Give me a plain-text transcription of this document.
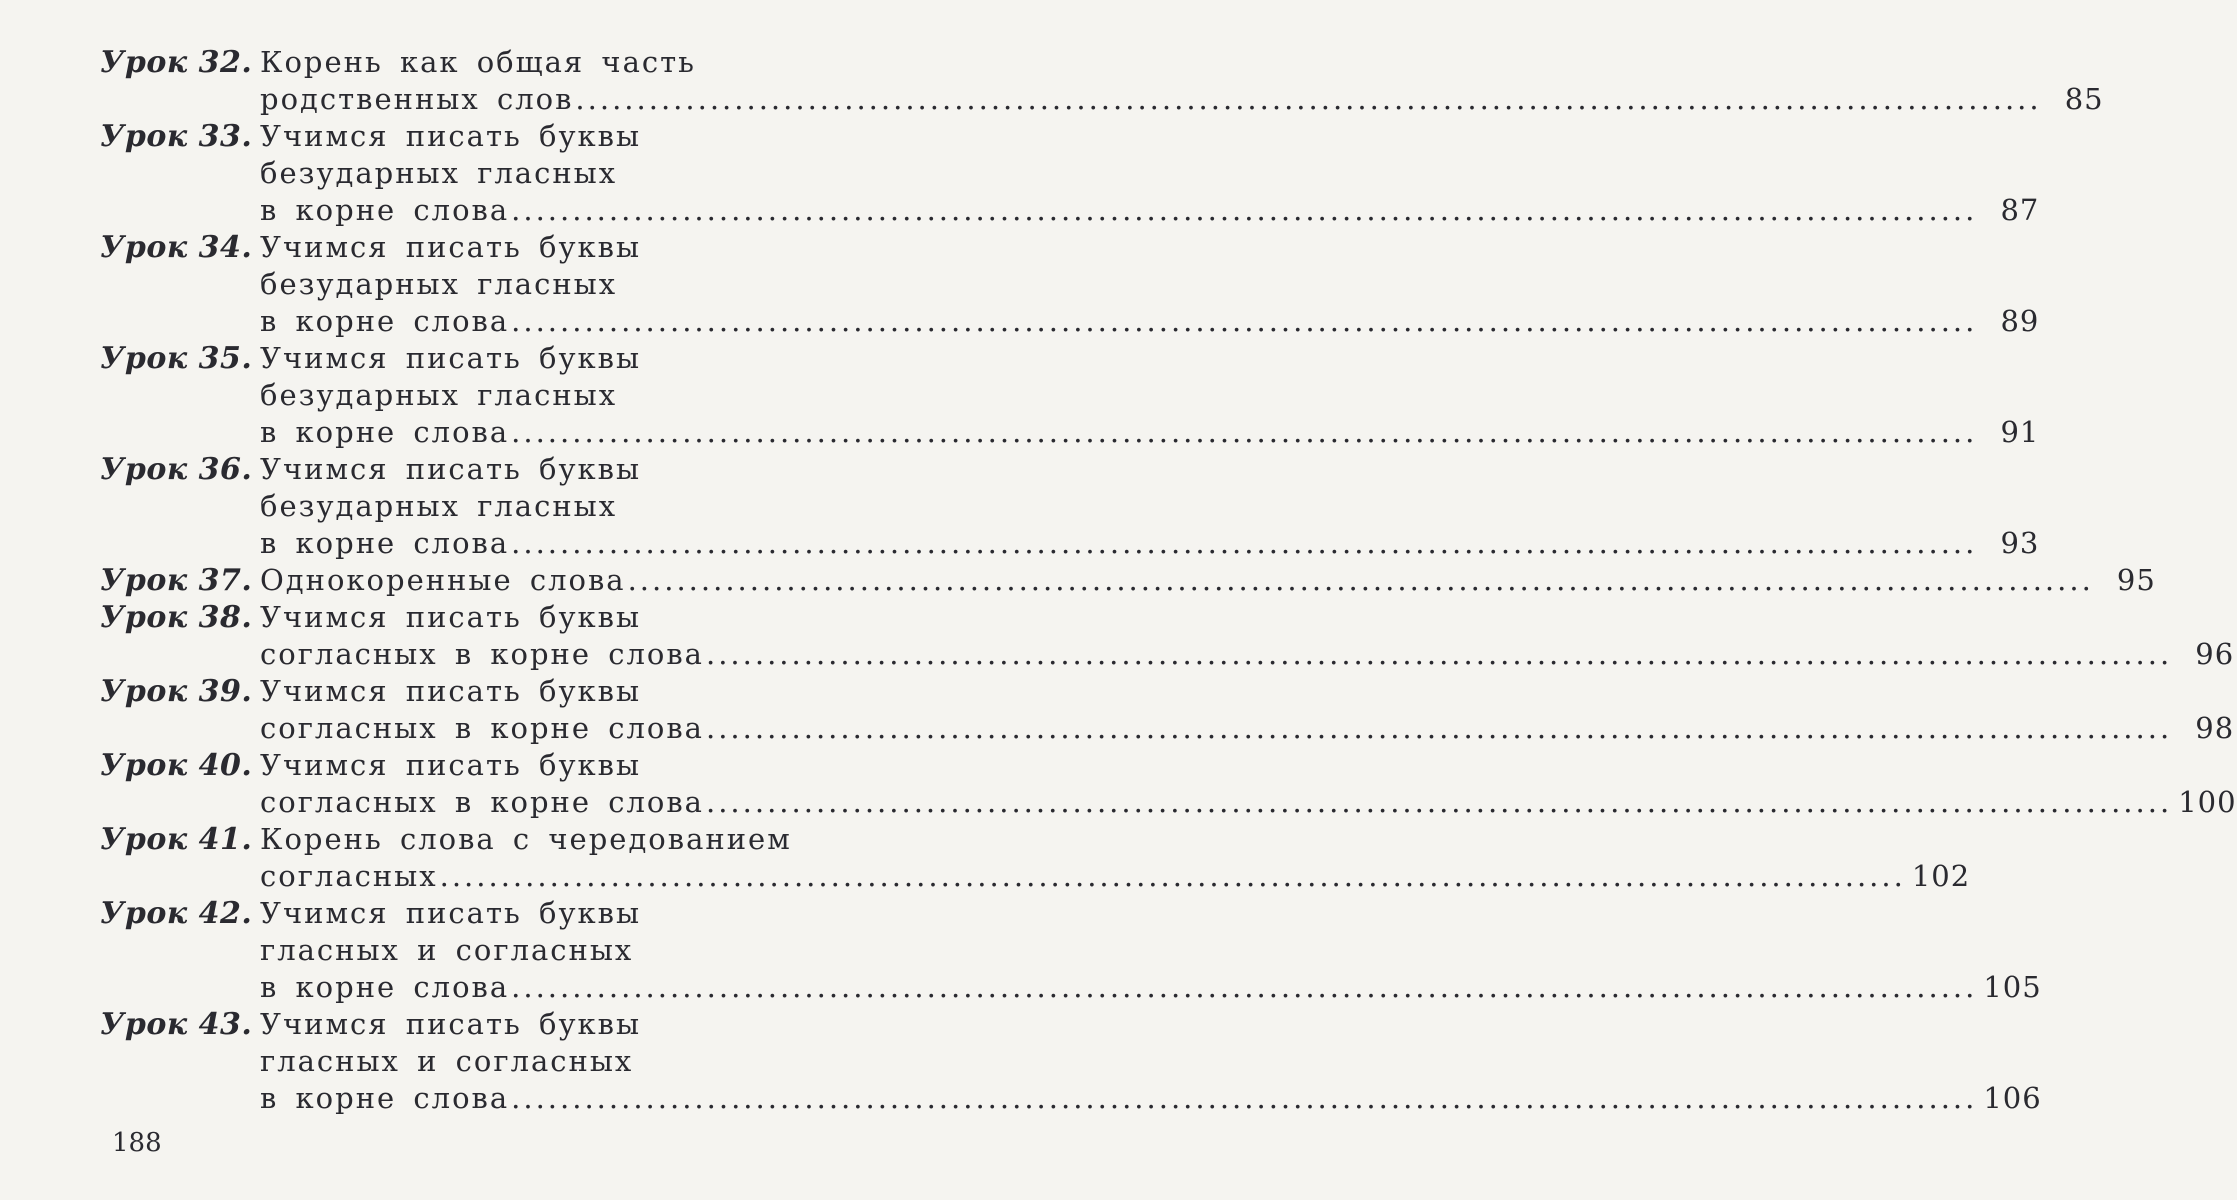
Урок 32. Корень как общая часть
родственных слов ........................................................................................................................ 85
Урок 33. Учимся писать буквы
безударных гласных
в корне слова ........................................................................................................................ 87
Урок 34. Учимся писать буквы
безударных гласных
в корне слова ........................................................................................................................ 89
Урок 35. Учимся писать буквы
безударных гласных
в корне слова ........................................................................................................................ 91
Урок 36. Учимся писать буквы
безударных гласных
в корне слова ........................................................................................................................ 93
Урок 37. Однокоренные слова ........................................................................................................................ 95
Урок 38. Учимся писать буквы
согласных в корне слова ........................................................................................................................ 96
Урок 39. Учимся писать буквы
согласных в корне слова ........................................................................................................................ 98
Урок 40. Учимся писать буквы
согласных в корне слова ........................................................................................................................ 100
Урок 41. Корень слова с чередованием
согласных ........................................................................................................................ 102
Урок 42. Учимся писать буквы
гласных и согласных
в корне слова ........................................................................................................................ 105
Урок 43. Учимся писать буквы
гласных и согласных
в корне слова ........................................................................................................................ 106
188
